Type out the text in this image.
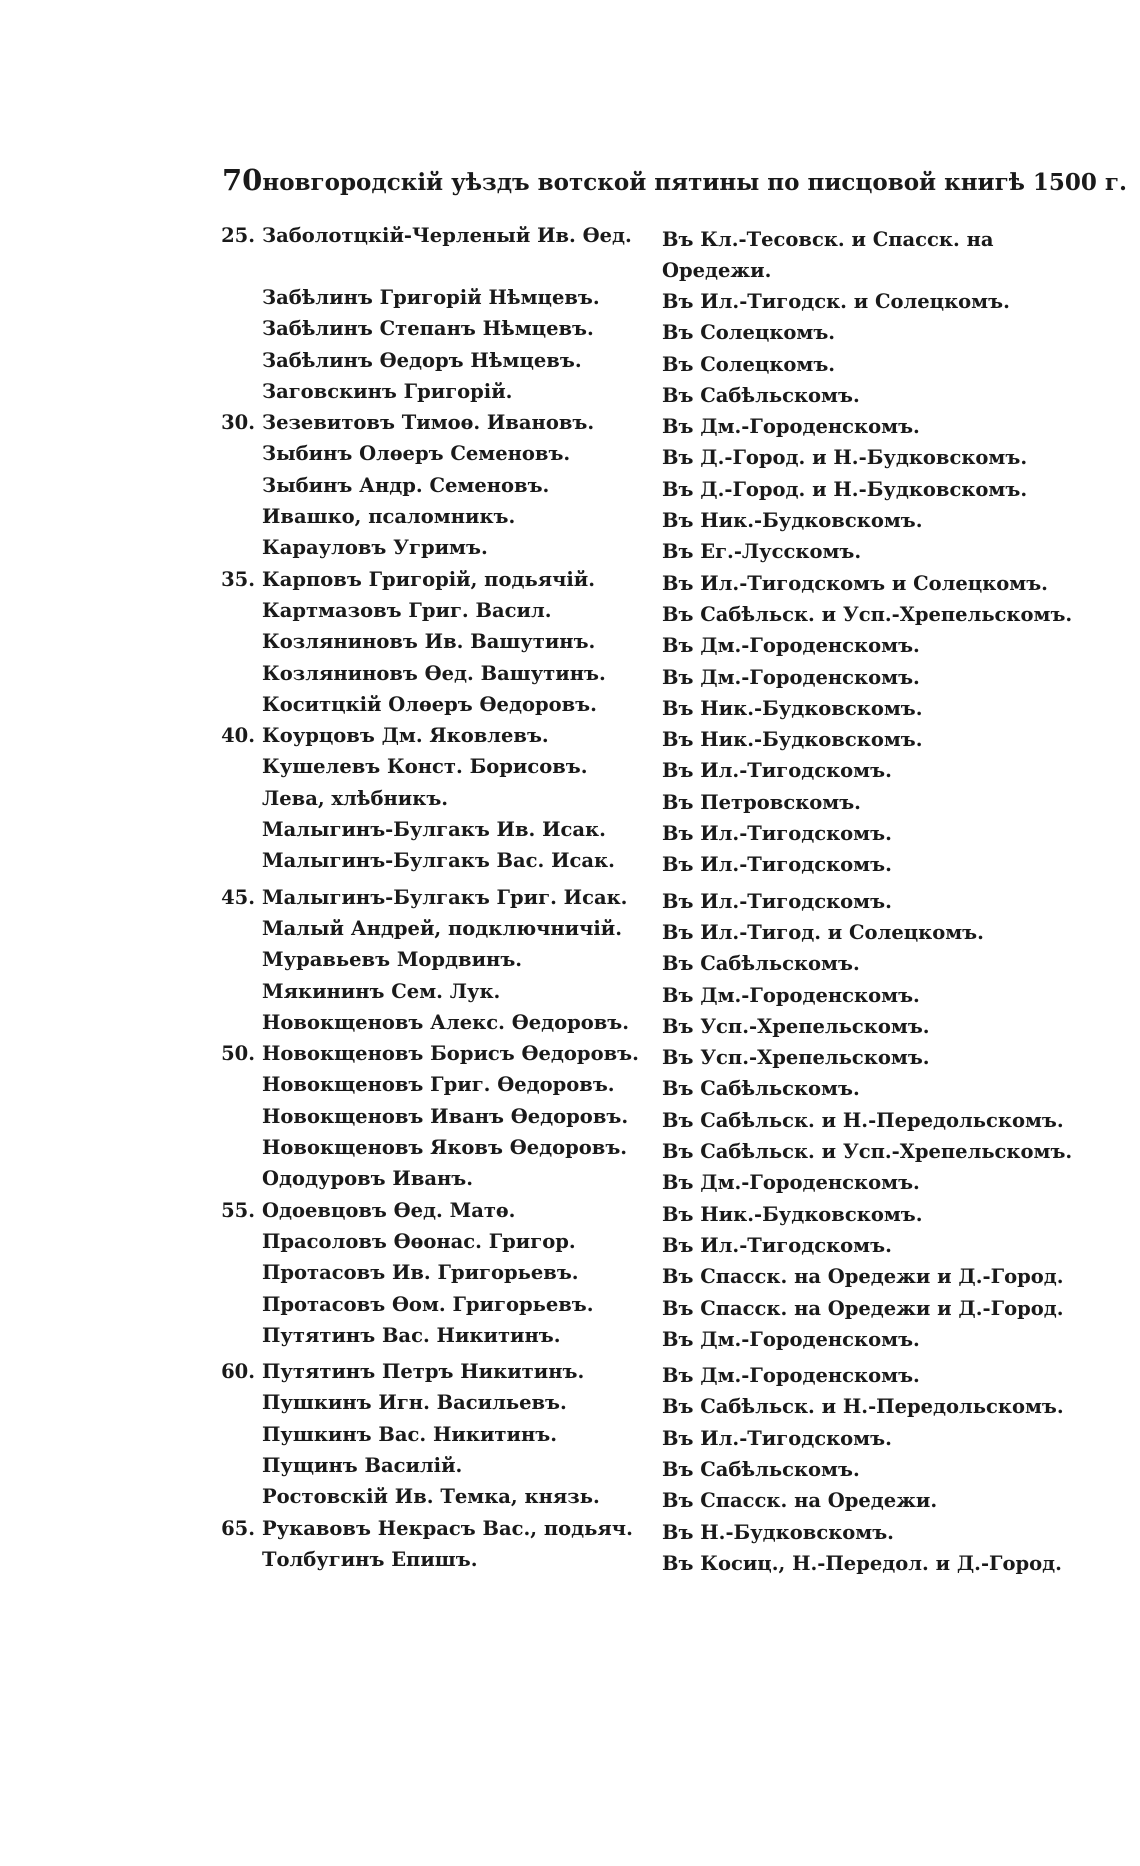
70 новгородскій уѣздъ вотской пятины по писцовой книгѣ 1500 г.
25. Заболотцкій-Черленый Ив. Ѳед.	Въ Кл.-Тесовск. и Спасск. на Оредежи.
Забѣлинъ Григорій Нѣмцевъ.	Въ Ил.-Тигодск. и Солецкомъ.
Забѣлинъ Степанъ Нѣмцевъ.	Въ Солецкомъ.
Забѣлинъ Ѳедоръ Нѣмцевъ.	Въ Солецкомъ.
Заговскинъ Григорій.	Въ Сабѣльскомъ.
30. Зезевитовъ Тимоѳ. Ивановъ.	Въ Дм.-Городенскомъ.
Зыбинъ Олѳеръ Семеновъ.	Въ Д.-Город. и Н.-Будковскомъ.
Зыбинъ Андр. Семеновъ.	Въ Д.-Город. и Н.-Будковскомъ.
Ивашко, псаломникъ.	Въ Ник.-Будковскомъ.
Карауловъ Угримъ.	Въ Ег.-Лусскомъ.
35. Карповъ Григорій, подьячій.	Въ Ил.-Тигодскомъ и Солецкомъ.
Картмазовъ Григ. Васил.	Въ Сабѣльск. и Усп.-Хрепельскомъ.
Козляниновъ Ив. Вашутинъ.	Въ Дм.-Городенскомъ.
Козляниновъ Ѳед. Вашутинъ.	Въ Дм.-Городенскомъ.
Коситцкій Олѳеръ Ѳедоровъ.	Въ Ник.-Будковскомъ.
40. Коурцовъ Дм. Яковлевъ.	Въ Ник.-Будковскомъ.
Кушелевъ Конст. Борисовъ.	Въ Ил.-Тигодскомъ.
Лева, хлѣбникъ.	Въ Петровскомъ.
Малыгинъ-Булгакъ Ив. Исак.	Въ Ил.-Тигодскомъ.
Малыгинъ-Булгакъ Вас. Исак.	Въ Ил.-Тигодскомъ.
45. Малыгинъ-Булгакъ Григ. Исак.	Въ Ил.-Тигодскомъ.
Малый Андрей, подключничій.	Въ Ил.-Тигод. и Солецкомъ.
Муравьевъ Мордвинъ.	Въ Сабѣльскомъ.
Мякининъ Сем. Лук.	Въ Дм.-Городенскомъ.
Новокщеновъ Алекс. Ѳедоровъ.	Въ Усп.-Хрепельскомъ.
50. Новокщеновъ Борисъ Ѳедоровъ.	Въ Усп.-Хрепельскомъ.
Новокщеновъ Григ. Ѳедоровъ.	Въ Сабѣльскомъ.
Новокщеновъ Иванъ Ѳедоровъ.	Въ Сабѣльск. и Н.-Передольскомъ.
Новокщеновъ Яковъ Ѳедоровъ.	Въ Сабѣльск. и Усп.-Хрепельскомъ.
Ододуровъ Иванъ.	Въ Дм.-Городенскомъ.
55. Одоевцовъ Ѳед. Матѳ.	Въ Ник.-Будковскомъ.
Прасоловъ Ѳѳонас. Григор.	Въ Ил.-Тигодскомъ.
Протасовъ Ив. Григорьевъ.	Въ Спасск. на Оредежи и Д.-Город.
Протасовъ Ѳом. Григорьевъ.	Въ Спасск. на Оредежи и Д.-Город.
Путятинъ Вас. Никитинъ.	Въ Дм.-Городенскомъ.
60. Путятинъ Петръ Никитинъ.	Въ Дм.-Городенскомъ.
Пушкинъ Игн. Васильевъ.	Въ Сабѣльск. и Н.-Передольскомъ.
Пушкинъ Вас. Никитинъ.	Въ Ил.-Тигодскомъ.
Пущинъ Василій.	Въ Сабѣльскомъ.
Ростовскій Ив. Темка, князь.	Въ Спасск. на Оредежи.
65. Рукавовъ Некрасъ Вас., подьяч.	Въ Н.-Будковскомъ.
Толбугинъ Епишъ.	Въ Косиц., Н.-Передол. и Д.-Город.
